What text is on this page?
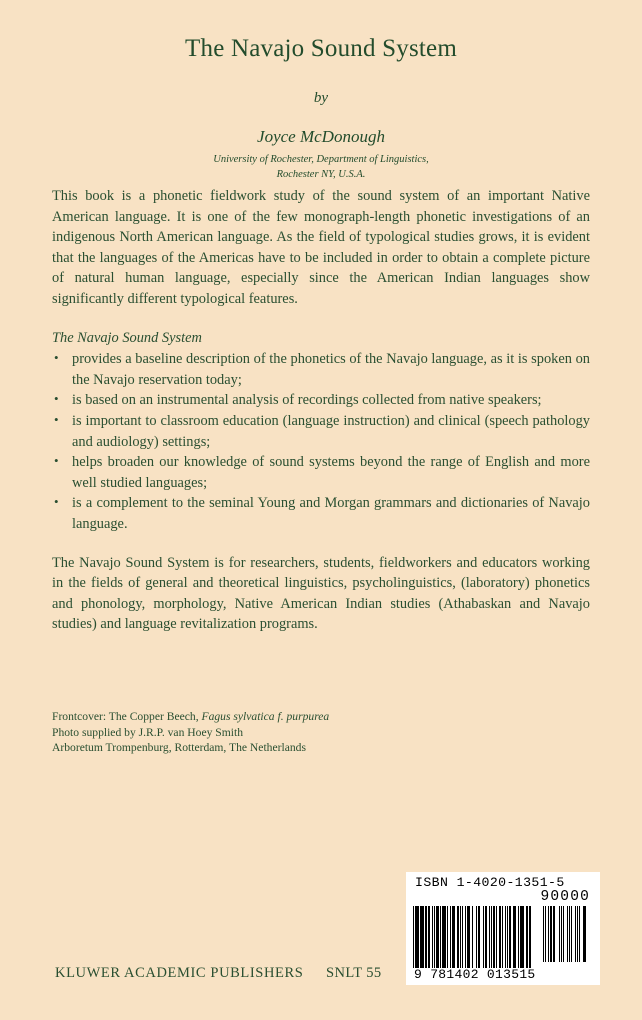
The Navajo Sound System
by
Joyce McDonough
University of Rochester, Department of Linguistics,
Rochester NY, U.S.A.

This book is a phonetic fieldwork study of the sound system of an important Native American language. It is one of the few monograph-length phonetic investigations of an indigenous North American language. As the field of typological studies grows, it is evident that the languages of the Americas have to be included in order to obtain a complete picture of natural human language, especially since the American Indian languages show significantly different typological features.

The Navajo Sound System
• provides a baseline description of the phonetics of the Navajo language, as it is spoken on the Navajo reservation today;
• is based on an instrumental analysis of recordings collected from native speakers;
• is important to classroom education (language instruction) and clinical (speech pathology and audiology) settings;
• helps broaden our knowledge of sound systems beyond the range of English and more well studied languages;
• is a complement to the seminal Young and Morgan grammars and dictionaries of Navajo language.

The Navajo Sound System is for researchers, students, fieldworkers and educators working in the fields of general and theoretical linguistics, psycholinguistics, (laboratory) phonetics and phonology, morphology, Native American Indian studies (Athabaskan and Navajo studies) and language revitalization programs.

Frontcover: The Copper Beech, Fagus sylvatica f. purpurea
Photo supplied by J.R.P. van Hoey Smith
Arboretum Trompenburg, Rotterdam, The Netherlands
KLUWER ACADEMIC PUBLISHERS SNLT 55
ISBN 1-4020-1351-5
90000
9 781402 013515
